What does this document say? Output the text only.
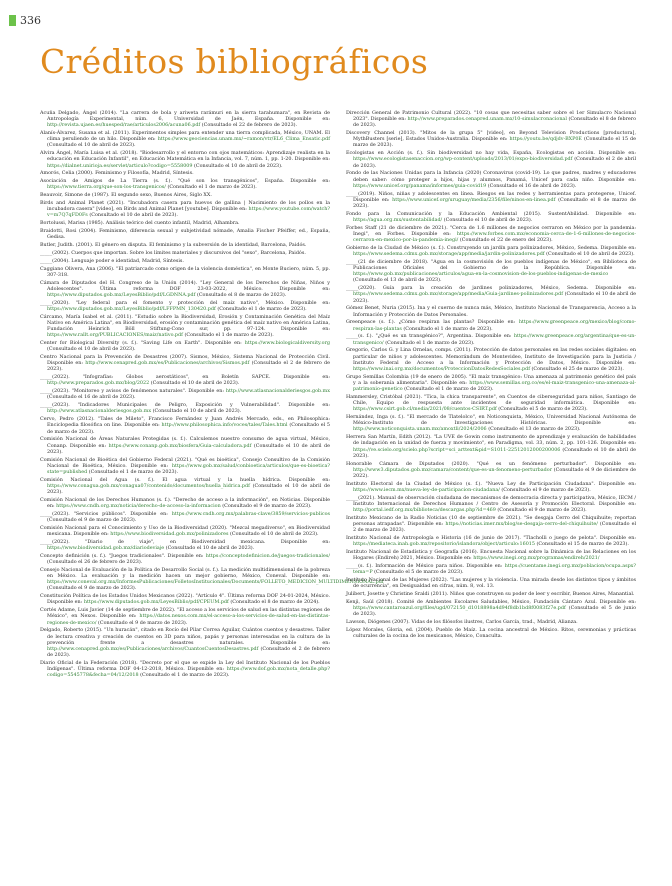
336
Créditos bibliográficos

Acuña Delgado, Ángel (2014). "La carrera de bola y ariweta rarámuri en la sierra tarahumara", en Revista de Antropología Experimental, núm. 6, Universidad de Jaén, España. Disponible en: http://revista.ujaen.es/huesped/rae/articulos2006/acuna06.pdf (Consultado el 22 de febrero de 2023).

Alanís-Álvarez, Susana et al. (2011). Experimentos simples para entender una tierra complicada, México, UNAM. El clima peruliendo de un hilo. Disponible en: https://www.geociencias.unam.mx/~ramon/vtr/EL6_Clima_Ensatic.pdf (Consultado el 10 de abril de 2023).

Alvira Ángel, María Luisa et al. (2018). "Biodesarrollo y el entorno con ojos matemáticos: Aprendizaje realista en la educación en Educación Infantil", en Educación Matemática en la Infancia, vol. 7, núm. 1, pp. 1-20. Disponible en: https://dialnet.unirioja.es/servlet/articulo?codigo=5558009 (Consultado el 10 de abril de 2023).

Amorós, Celia (2000). Feminismo y Filosofía, Madrid, Síntesis.

Asociación de Amigos de La Tierra (s. f.). "Qué son los transgénicos", España. Disponible en: https://www.tierra.org/que-son-los-transgenicos/ (Consultado el 1 de marzo de 2023).

Beauvoir, Simone de (1987). El segundo sexo, Buenos Aires, Siglo XX.

Birds and Animal Planet (2021). "Incubadora casera para huevos de gallina | Nacimiento de los pollos en la incubadora casera" [video], en Birds and Animal Planet [youtube]. Disponible en: https://www.youtube.com/watch?v=m7Q7qFD0Fs (Consultado el 10 de abril de 2023).

Bortolussi, Marisa (1985). Análisis teórico del cuento infantil, Madrid, Alhambra.

Braidotti, Rosi (2004). Feminismo, diferencia sexual y subjetividad nómade, Amalia Fischer Pfeiffer, ed., España, Gedisa.

Butler, Judith. (2001). El género en disputa. El feminismo y la subversión de la identidad, Barcelona, Paidós.

_____(2002). Cuerpos que importan. Sobre los límites materiales y discursivos del "sexo", Barcelona, Paidós.

_____(2004). Lenguaje poder e identidad, Madrid, Síntesis.

Caggiano Olivera, Ana (2006). "El patriarcado como origen de la violencia doméstica", en Monte Buciero, núm. 5, pp. 307-318.

Cámara de Diputados del H. Congreso de la Unión (2014). "Ley General de los Derechos de Niñas, Niños y Adolescentes". Última reforma DOF 23-03-2022, México. Disponible en: https://www.diputados.gob.mx/LeyesBiblio/pdf/LGDNNA.pdf (Consultado el 8 de marzo de 2023).

_____(2020). "Ley federal para el fomento y protección del maíz nativo", México. Disponible en: https://www.diputados.gob.mx/LeyesBiblio/pdf/LFFPMN_130420.pdf (Consultado el 1 de marzo de 2023).

Cárcamo, María Isabel et al. (2011). "Estudio sobre la Biodiversidad, Erosión y Contaminación Genética del Maíz Nativo en América Latina", en Biodiversidad, erosión y contaminación genética del maíz nativo en América Latina, Fundación Heinrich Böll Stiftung-Cono sur, pp. 97-124. Disponible en: https://www.rallt.org/PUBLICACIONES/maiz/nativo.pdf (Consultado el 1 de marzo de 2023).

Center for Biological Diversity (s. f.). "Saving Life on Earth". Disponible en: https://www.biologicaldiversity.org (Consultado el 10 de abril de 2023).

Centro Nacional para la Prevención de Desastres (2007). Sismos, México, Sistema Nacional de Protección Civil. Disponible en: http://www.cenapred.gob.mx/es/Publicaciones/archivos/Sismos.pdf (Consultado el 2 de febrero de 2023).

_____(2022). "Infografías: Globos aerostáticos", en Boletín SAPCE. Disponible en: http://www.preparados.gob.mx/blog/2022 (Consultado el 10 de abril de 2023).

_____(2023). "Monitoreo y avisos de fenómenos naturales". Disponible en: http://www.atlasnacionalderiesgos.gob.mx (Consultado el 16 de abril de 2023).

_____(2023). "Indicadores Municipales de Peligro, Exposición y Vulnerabilidad". Disponible en: http://www.atlasnacionalderiesgos.gob.mx (Consultado el 10 de abril de 2023).

Cervo, Pedro (2012). "Tales de Mileto", Francisco Fernández y Juan Andrés Mercado, eds., en Philosophica: Enciclopedia filosófica on line. Disponible en: http://www.philosophica.info/voces/tales/Tales.html (Consultado el 5 de marzo de 2023).

Comisión Nacional de Áreas Naturales Protegidas (s. f.). Calculemos nuestro consumo de agua virtual, México, Conanp. Disponible en: https://www.conanp.gob.mx/biosfera/Guia-calculadora.pdf (Consultado el 10 de abril de 2023).

Comisión Nacional de Bioética del Gobierno Federal (2021). "Qué es bioética", Consejo Consultivo de la Comisión Nacional de Bioética, México. Disponible en: https://www.gob.mx/salud/conbioetica/articulos/que-es-bioetica?state=published (Consultado el 1 de marzo de 2023).

Comisión Nacional del Agua (s. f.). El agua virtual y la huella hídrica. Disponible en: https://www.conagua.gob.mx/conagua07/contenido/documentos/huella_hidrica.pdf (Consultado el 10 de abril de 2023).

Comisión Nacional de los Derechos Humanos (s. f.). "Derecho de acceso a la información", en Noticias. Disponible en: https://www.cndh.org.mx/noticia/derecho-de-acceso-la-informacion (Consultado el 9 de marzo de 2023).

_____(2023). "Servicios públicos". Disponible en: https://www.cndh.org.mx/palabras-clave/3859/servicios-publicos (Consultado el 9 de marzo de 2023).

Comisión Nacional para el Conocimiento y Uso de la Biodiversidad (2020). "Mezcal megadiverso", en Biodiversidad mexicana. Disponible en: https://www.biodiversidad.gob.mx/polinizadores (Consultado el 10 de abril de 2023).

_____(2022). "Diario de viaje", en Biodiversidad mexicana. Disponible en: https://www.biodiversidad.gob.mx/diariodeviaje (Consultado el 10 de abril de 2023).

Concepto definición (s. f.). "Juegos tradicionales". Disponible en: https://conceptodefinicion.de/juegos-tradicionales/ (Consultado el 26 de febrero de 2023).

Consejo Nacional de Evaluación de la Política de Desarrollo Social (s. f.). La medición multidimensional de la pobreza en México. La evaluación y la medición hacen un mejor gobierno, México, Coneval. Disponible en: https://www.coneval.org.mx/InformesPublicaciones/FolletosInstitucionales/Documents/FOLLETO_MEDICION_MULTIDIMENSIONAL.pdf (Consultado el 9 de marzo de 2023).

Constitución Política de los Estados Unidos Mexicanos (2022). "Artículo 4". Última reforma DOF 24-01-2024, México. Disponible en: https://www.diputados.gob.mx/LeyesBiblio/pdf/CPEUM.pdf (Consultado el 8 de marzo de 2024).

Cortés Adame, Luis Javier (14 de septiembre de 2022). "El acceso a los servicios de salud en las distintas regiones de México", en Nexos. Disponible en: https://datos.nexos.com.mx/el-acceso-a-los-servicios-de-salud-en-las-distintas-regiones-de-mexico/ (Consultado el 9 de marzo de 2023).

Delgado, Roberto (2015). "Un huracán", citado en Rocío del Pilar Correa Aguilar, Cuántos cuentos y desastres. Taller de lectura creativa y creación de cuentos en 3D para niños, papás y personas interesadas en la cultura de la prevención frente a desastres naturales. Disponible en: http://www.cenapred.gob.mx/es/Publicaciones/archivos/CuantosCuentosDesastres.pdf (Consultado el 2 de febrero de 2023).

Diario Oficial de la Federación (2018). "Decreto por el que se expide la Ley del Instituto Nacional de los Pueblos Indígenas". Última reforma DOF 04-12-2018, México. Disponible en: https://www.dof.gob.mx/nota_detalle.php?codigo=5545778&fecha=04/12/2018 (Consultado el 1 de marzo de 2023).

Dirección General de Patrimonio Cultural (2022). "10 cosas que necesitas saber sobre el 1er Simulacro Nacional 2023". Disponible en: http://www.preparados.cenapred.unam.mx/10-simulacronacional (Consultado el 8 de febrero de 2023).

Discovery Channel (2013). "Mitos de la grupa 5" [video], en Beyond Television Productions [productora], MythBusters [serie], Estados Unidos-Australia. Disponible en: https://youtu.be/qdjdv-BXP0E (Consultado el 15 de marzo de 2023).

Ecologistas en Acción (s. f.). Sin biodiversidad no hay vida, España, Ecologistas en acción. Disponible en: https://www.ecologistasenaccion.org/wp-content/uploads/2013/01/expo-biodiversidad.pdf (Consultado el 2 de abril de 2023).

Fondo de las Naciones Unidas para la Infancia (2020) Coronavirus (covid-19). Lo que padres, madres y educadores deben saber: cómo proteger a hijos, hijas y alumnos, Panamá, Unicef para cada niño. Disponible en: https://www.unicef.org/panama/informes/guia-covid19 (Consultado el 16 de abril de 2023).

_____(2019). Niños, niñas y adolescentes en línea. Riesgos en las redes y herramientas para protegerse, Unicef. Disponible en: https://www.unicef.org/uruguay/media/2356/file/ninos-en-linea.pdf (Consultado el 8 de marzo de 2023).

Fondo para la Comunicación y la Educación Ambiental (2015). SustentAbilidad. Disponible en: https://agua.org.mx/sustentabilidad/ (Consultado el 10 de abril de 2023).

Forbes Staff (21 de diciembre de 2021). "Cerca de 1.6 millones de negocios cerraron en México por la pandemia: Inegi", en Forbes. Disponible en: https://www.forbes.com.mx/economia-cerca-de-1-6-millones-de-negocios-cerraron-en-mexico-por-la-pandemia-inegi/ (Consultado el 22 de enero del 2023).

Gobierno de la Ciudad de México (s. f.). Construyendo un jardín para polinizadores, México, Sedema. Disponible en: https://www.sedema.cdmx.gob.mx/storage/app/media/jardin-polinizadores.pdf (Consultado el 10 de abril de 2023).

_____(21 de diciembre de 2018). "Agua en la cosmovisión de los pueblos indígenas de México", en Biblioteca de Publicaciones Oficiales del Gobierno de la República. Disponible en: https://www.gob.mx/publicaciones/articulos/agua-en-la-cosmovision-de-los-pueblos-indigenas-de-mexico (Consultado el 13 de abril de 2023).

_____(2020). Guía para la creación de jardines polinizadores, México, Sedema. Disponible en: https://www.sedema.cdmx.gob.mx/storage/app/media/Guia-jardines-polinizadores.pdf (Consultado el 10 de abril de 2023).

Gómez Benet, Nuria (2015). Ina y el cuerno de nunca más, México, Instituto Nacional de Transparencia, Acceso a la Información y Protección de Datos Personales.

Greenpeace (s. f.). ¿Cómo respiran las plantas? Disponible en: https://www.greenpeace.org/mexico/blog/como-respiran-las-plantas (Consultado el 1 de marzo de 2023).

_____(s. f.). "¿Qué es un transgénico?", Argentina. Disponible en: https://www.greenpeace.org/argentina/que-es-un-transgenico/ (Consultado el 1 de marzo de 2023).

Gregorio, Carlos G. y Lina Ornelas, comps. (2011). Protección de datos personales en las redes sociales digitales: en particular de niños y adolescentes. Memorándum de Montevideo, Instituto de Investigación para la Justicia / Instituto Federal de Acceso a la Información y Protección de Datos, México. Disponible en: https://www.inai.org.mx/documentos/ProteccionDatosRedesSociales.pdf (Consultado el 25 de marzo de 2023).

Grupo Semillas Colombia (19 de enero de 2005). "El maíz transgénico: Una amenaza al patrimonio genético del país y a la soberanía alimentaria". Disponible en: https://www.semillas.org.co/es/el-maiz-transgenico-una-amenaza-al-patrimonio-genetico (Consultado el 1 de marzo de 2023).

Hammersley, Cristóbal (2021). "Tica, la chica transparente", en Cuentos de ciberseguridad para niños, Santiago de Chile, Equipo de respuesta ante incidentes de seguridad informática. Disponible en: https://www.csirt.gob.cl/media/2021/08/cuentos-CSIRT.pdf (Consultado el 5 de marzo de 2023).

Hernández, Inga (s. f.). "El mercado de Tlatelolco", en Noticonquista, México, Universidad Nacional Autónoma de México-Instituto de Investigaciones Históricas. Disponible en: http://www.noticonquista.unam.mx/amoxtli/2024/2006 (Consultado el 13 de marzo de 2023).

Herrera San Martín, Edith (2012). "La UVE de Gowin como instrumento de aprendizaje y evaluación de habilidades de indagación en la unidad de fuerza y movimiento", en Paradigma, vol. 33, núm. 2, pp. 101-126. Disponible en: https://ve.scielo.org/scielo.php?script=sci_arttext&pid=S1011-22512012000200006 (Consultado el 10 de abril de 2023).

Honorable Cámara de Diputados (2020). "Qué es un fenómeno perturbador". Disponible en: http://www3.diputados.gob.mx/camara/content/que-es-un-fenomeno-perturbador (Consultado el 9 de diciembre de 2022).

Instituto Electoral de la Ciudad de México (s. f.). "Nueva Ley de Participación Ciudadana". Disponible en: https://www.iecm.mx/nueva-ley-de-participacion-ciudadana/ (Consultado el 9 de marzo de 2023).

_____(2021). Manual de observación ciudadana de mecanismos de democracia directa y participativa, México, IECM / Instituto Internacional de Derechos Humanos / Centro de Asesoría y Promoción Electoral. Disponible en: http://portal.iedf.org.mx/biblioteca/descargas.php?id=469 (Consultado el 9 de marzo de 2023).

Instituto Mexicano de la Radio Noticias (10 de septiembre de 2021). "Se desgaja Cerro del Chiquihuite; reportan personas atrapadas". Disponible en: https://noticias.imer.mx/blog/se-desgaja-cerro-del-chiquihuite/ (Consultado el 2 de marzo de 2023).

Instituto Nacional de Antropología e Historia (16 de junio de 2017). "Tlacholli o juego de pelota". Disponible en: https://mediateca.inah.gob.mx/repositorio/islandora/object/articulo:16015 (Consultado el 15 de marzo de 2023).

Instituto Nacional de Estadística y Geografía (2016). Encuesta Nacional sobre la Dinámica de las Relaciones en los Hogares (Endireh) 2021, México. Disponible en: https://www.inegi.org.mx/programas/endireh/2021/

_____(s. f.). Información de México para niños. Disponible en: https://cuentame.inegi.org.mx/poblacion/ocupa.aspx?tema=P (Consultado el 5 de marzo de 2023).

Instituto Nacional de las Mujeres (2022). "Las mujeres y la violencia. Una mirada desde los distintos tipos y ámbitos de ocurrencia", en Desigualdad en cifras, núm. 8, vol. 13.

Julibert, Josette y Christine Sraldi (2011). Niños que construyen su poder de leer y escribir, Buenos Aires, Manantial.

Kenji, Saúl (2018). Comité de Ambientes Escolares Saludables, México, Fundación Cántaro Azul. Disponible en: https://www.cantaroazul.org/files/ugd/072150_d1018898a4d94f8db1bd8f0083f27e.pdf (Consultado el 5 de junio de 2023).

Lawson, Diógenes (2007). Vidas de los filósofos ilustres, Carlos García, trad., Madrid, Alianza.

López Morales, Gloria, ed. (2004). Pueblo de Maíz. La cocina ancestral de México. Ritos, ceremonias y prácticas culturales de la cocina de los mexicanos, México, Conaculta.
